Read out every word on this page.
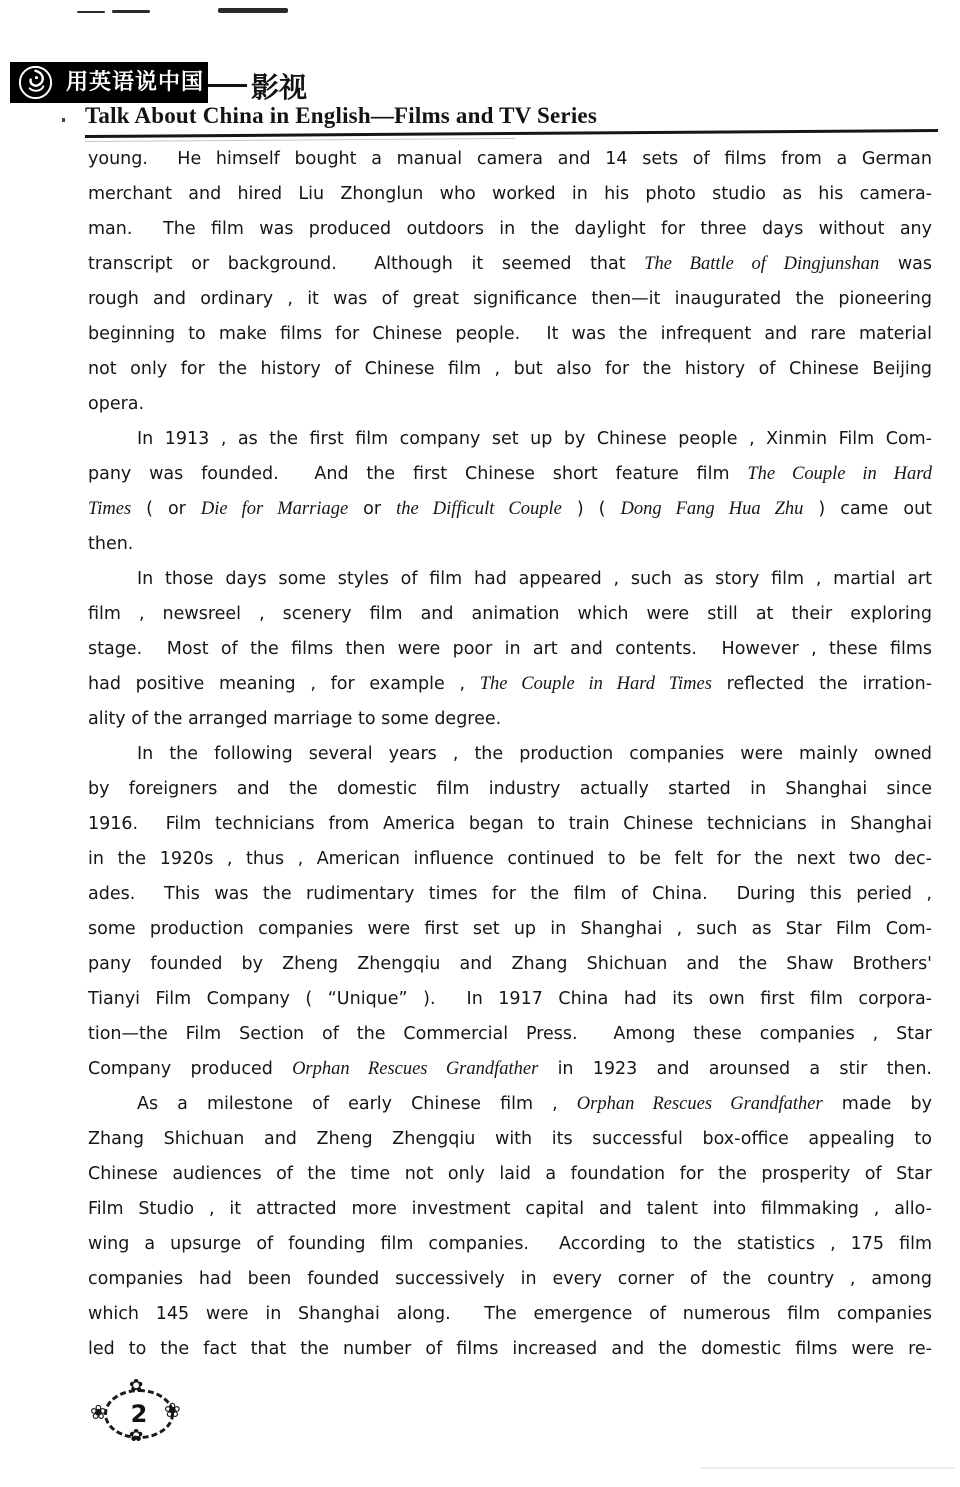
用英语说中国 影视
Talk About China in English—Films and TV Series
young.  He himself bought a manual camera and 14 sets of films from a German
merchant and hired Liu Zhonglun who worked in his photo studio as his camera-
man.  The film was produced outdoors in the daylight for three days without any
transcript or background.  Although it seemed that The Battle of Dingjunshan was
rough and ordinary , it was of great significance then—it inaugurated the pioneering
beginning to make films for Chinese people.  It was the infrequent and rare material
not only for the history of Chinese film , but also for the history of Chinese Beijing
opera.
In 1913 , as the first film company set up by Chinese people , Xinmin Film Com-
pany was founded.  And the first Chinese short feature film The Couple in Hard
Times ( or Die for Marriage or the Difficult Couple ) ( Dong Fang Hua Zhu ) came out
then.
In those days some styles of film had appeared , such as story film , martial art
film , newsreel , scenery film and animation which were still at their exploring
stage.  Most of the films then were poor in art and contents.  However , these films
had positive meaning , for example , The Couple in Hard Times reflected the irration-
ality of the arranged marriage to some degree.
In the following several years , the production companies were mainly owned
by foreigners and the domestic film industry actually started in Shanghai since
1916.  Film technicians from America began to train Chinese technicians in Shanghai
in the 1920s , thus , American influence continued to be felt for the next two dec-
ades.  This was the rudimentary times for the film of China.  During this peried ,
some production companies were first set up in Shanghai , such as Star Film Com-
pany founded by Zheng Zhengqiu and Zhang Shichuan and the Shaw Brothers'
Tianyi Film Company ( “Unique” ).  In 1917 China had its own first film corpora-
tion—the Film Section of the Commercial Press.  Among these companies , Star
Company produced Orphan Rescues Grandfather in 1923 and arounsed a stir then.
As a milestone of early Chinese film , Orphan Rescues Grandfather made by
Zhang Shichuan and Zheng Zhengqiu with its successful box-office appealing to
Chinese audiences of the time not only laid a foundation for the prosperity of Star
Film Studio , it attracted more investment capital and talent into filmmaking , allo-
wing a upsurge of founding film companies.  According to the statistics , 175 film
companies had been founded successively in every corner of the country , among
which 145 were in Shanghai along.  The emergence of numerous film companies
led to the fact that the number of films increased and the domestic films were re-
✿
✿
❀	❀
2
